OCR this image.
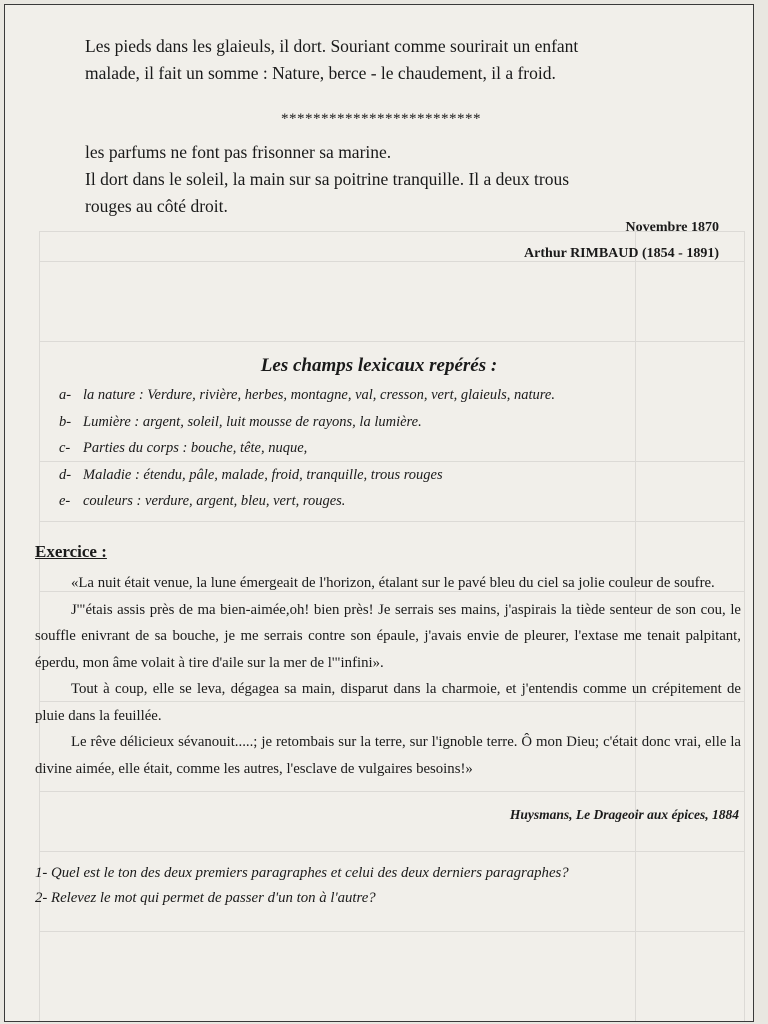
Les pieds dans les glaieuls, il dort. Souriant comme sourirait un enfant

malade, il fait un somme : Nature, berce - le chaudement, il a froid.

*************************

les parfums ne font pas frisonner sa marine.

Il dort dans le soleil, la main sur sa poitrine tranquille. Il a deux trous

rouges au côté droit.

Novembre 1870
Arthur RIMBAUD (1854 - 1891)
Les champs lexicaux repérés :
a- la nature : Verdure, rivière, herbes, montagne, val, cresson, vert, glaieuls, nature.
b- Lumière : argent, soleil, luit mousse de rayons, la lumière.
c- Parties du corps : bouche, tête, nuque,
d- Maladie : étendu, pâle, malade, froid, tranquille, trous rouges
e- couleurs : verdure, argent, bleu, vert, rouges.
Exercice :

«La nuit était venue, la lune émergeait de l'horizon, étalant sur le pavé bleu du ciel sa jolie couleur de soufre.

J'"étais assis près de ma bien-aimée,oh! bien près! Je serrais ses mains, j'aspirais la tiède senteur de son cou, le souffle enivrant de sa bouche, je me serrais contre son épaule, j'avais envie de pleurer, l'extase me tenait palpitant, éperdu, mon âme volait à tire d'aile sur la mer de l'"infini».

Tout à coup, elle se leva, dégagea sa main, disparut dans la charmoie, et j'entendis comme un crépitement de pluie dans la feuillée.

Le rêve délicieux sévanouit.....; je retombais sur la terre, sur l'ignoble terre. Ô mon Dieu; c'était donc vrai, elle la divine aimée, elle était, comme les autres, l'esclave de vulgaires besoins!»

Huysmans, Le Drageoir aux épices, 1884
1- Quel est le ton des deux premiers paragraphes et celui des deux derniers paragraphes?
2- Relevez le mot qui permet de passer d'un ton à l'autre?
